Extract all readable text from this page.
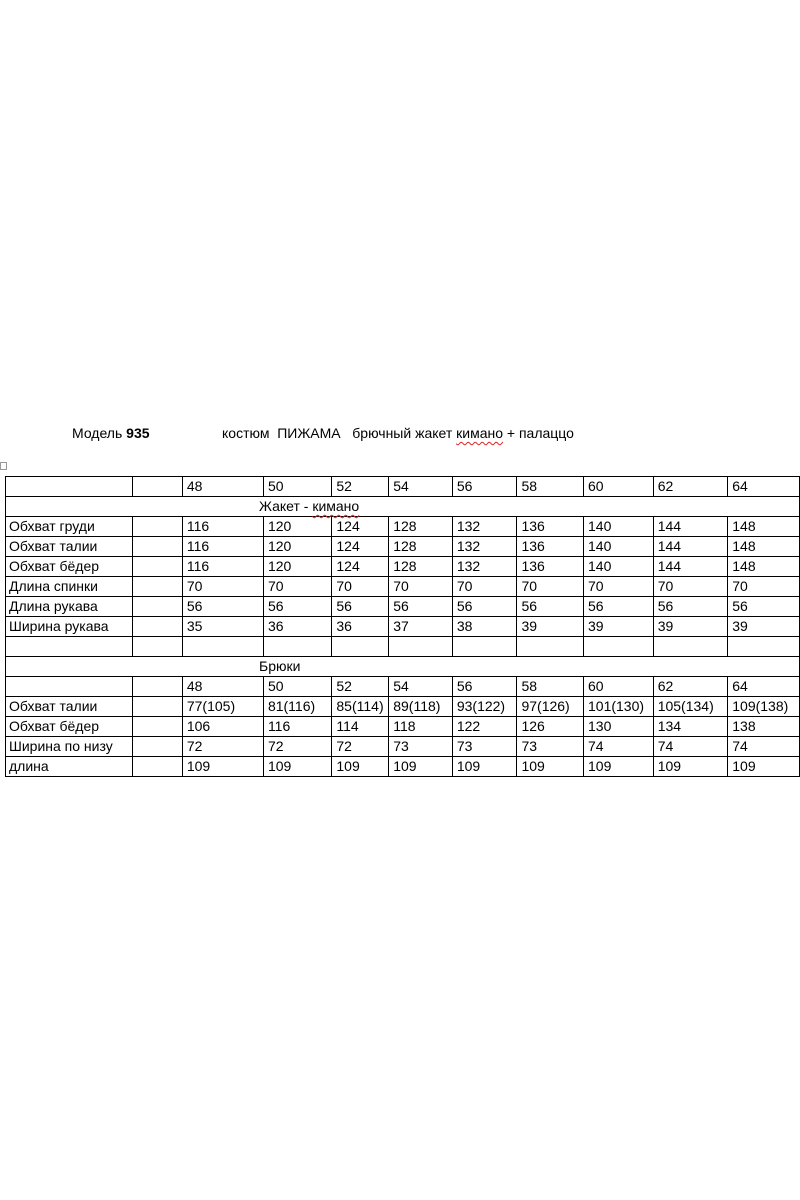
Модель 935	костюм  ПИЖАМА   брючный жакет кимано + палаццо
		48	50	52	54	56	58	60	62	64
Жакет - кимано										
Обхват груди		116	120	124	128	132	136	140	144	148
Обхват талии		116	120	124	128	132	136	140	144	148
Обхват бёдер		116	120	124	128	132	136	140	144	148
Длина спинки		70	70	70	70	70	70	70	70	70
Длина рукава		56	56	56	56	56	56	56	56	56
Ширина рукава		35	36	36	37	38	39	39	39	39

Брюки										
		48	50	52	54	56	58	60	62	64
Обхват талии		77(105)	81(116)	85(114)	89(118)	93(122)	97(126)	101(130)	105(134)	109(138)
Обхват бёдер		106	116	114	118	122	126	130	134	138
Ширина по низу		72	72	72	73	73	73	74	74	74
длина		109	109	109	109	109	109	109	109	109
